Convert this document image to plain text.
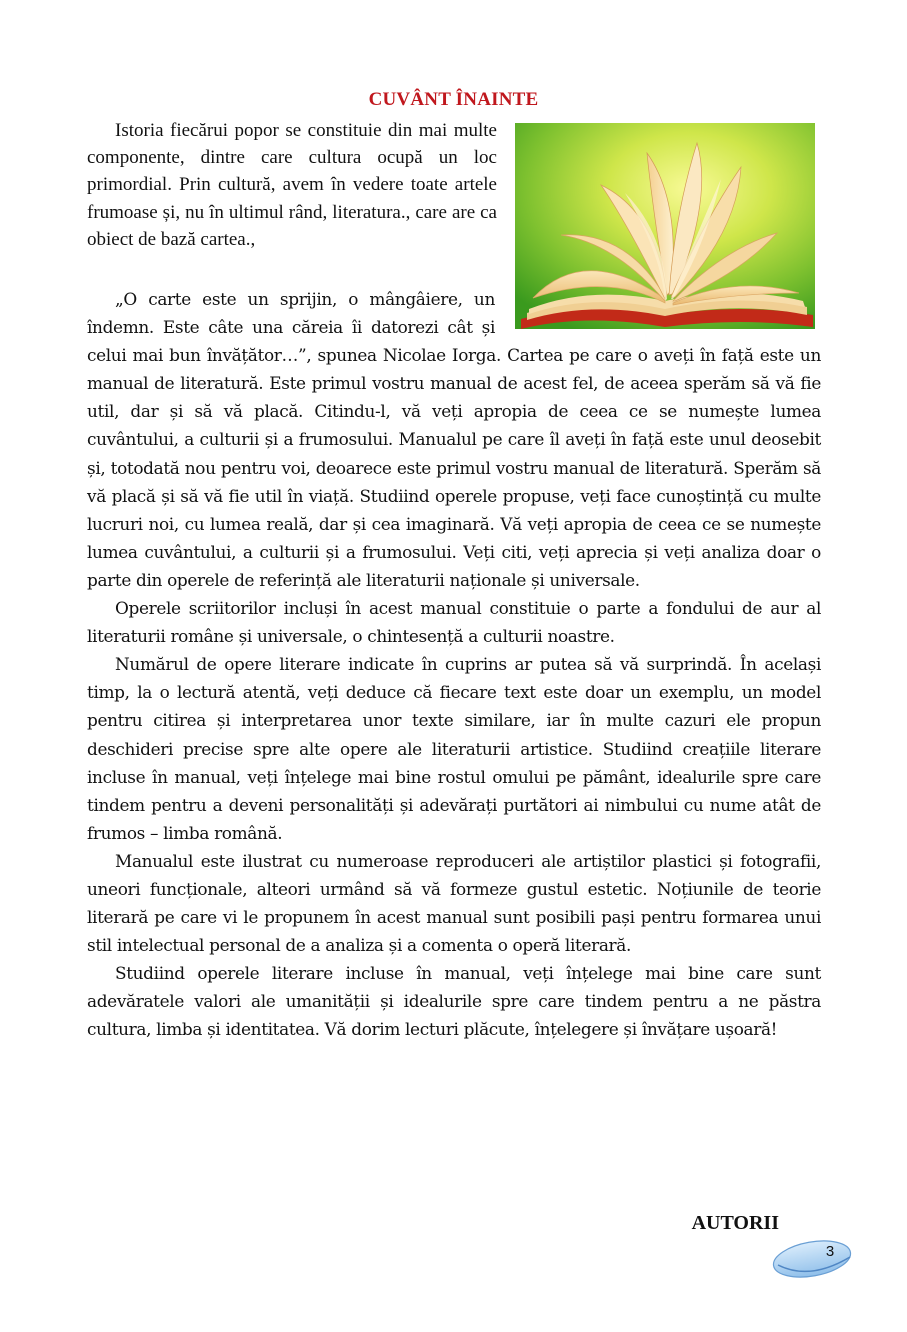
CUVÂNT ÎNAINTE

Istoria fiecărui popor se constituie din mai multe componente, dintre care cultura ocupă un loc primordial. Prin cultură, avem în vedere toate artele frumoase și, nu în ultimul rând, literatura., care are ca obiect de bază cartea.,

„O carte este un sprijin, o mângâiere, un îndemn. Este câte una căreia îi datorezi cât și celui mai bun învățător…”, spunea Nicolae Iorga. Cartea pe care o aveți în față este un manual de literatură. Este primul vostru manual de acest fel, de aceea sperăm să vă fie util, dar și să vă placă. Citindu-l, vă veți apropia de ceea ce se numește lumea cuvântului, a culturii și a frumosului. Manualul pe care îl aveți în față este unul deosebit și, totodată nou pentru voi, deoarece este primul vostru manual de literatură. Sperăm să vă placă și să vă fie util în viață. Studiind operele propuse, veți face cunoștință cu multe lucruri noi, cu lumea reală, dar și cea imaginară. Vă veți apropia de ceea ce se numește lumea cuvântului, a culturii și a frumosului. Veți citi, veți aprecia și veți analiza doar o parte din operele de referință ale literaturii naționale și universale.

Operele scriitorilor incluși în acest manual constituie o parte a fondului de aur al literaturii române și universale, o chintesență a culturii noastre.

Numărul de opere literare indicate în cuprins ar putea să vă surprindă. În același timp, la o lectură atentă, veți deduce că fiecare text este doar un exemplu, un model pentru citirea și interpretarea unor texte similare, iar în multe cazuri ele propun deschideri precise spre alte opere ale literaturii artistice. Studiind creațiile literare incluse în manual, veți înțelege mai bine rostul omului pe pământ, idealurile spre care tindem pentru a deveni personalități și adevărați purtători ai nimbului cu nume atât de frumos – limba română.

Manualul este ilustrat cu numeroase reproduceri ale artiștilor plastici și fotografii, uneori funcționale, alteori urmând să vă formeze gustul estetic. Noțiunile de teorie literară pe care vi le propunem în acest manual sunt posibili pași pentru formarea unui stil intelectual personal de a analiza și a comenta o operă literară.

Studiind operele literare incluse în manual, veți înțelege mai bine care sunt adevăratele valori ale umanității și idealurile spre care tindem pentru a ne păstra cultura, limba și identitatea. Vă dorim lecturi plăcute, înțelegere și învățare ușoară!

AUTORII
3
